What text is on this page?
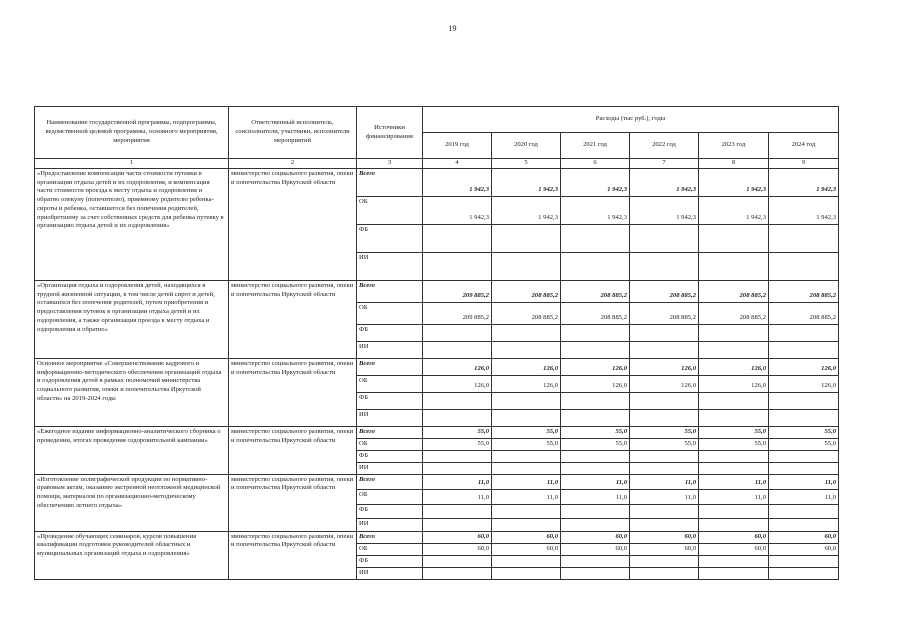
19
Наименование государственной программы, подпрограммы, ведомственной целевой программы, основного мероприятия, мероприятия	Ответственный исполнитель, соисполнители, участники, исполнители мероприятий	Источники финансирования	Расходы (тыс руб.), годы					
			2019 год	2020 год	2021 год	2022 год	2023 год	2024 год
1	2	3	4	5	6	7	8	9
«Предоставление компенсации части стоимости путевки в организации отдыха детей и их оздоровления, и компенсация части стоимости проезда к месту отдыха и оздоровления и обратно опекуну (попечителю), приемному родителю ребенка-сироты и ребенка, оставшегося без попечения родителей, приобретшему за счет собственных средств для ребенка путевку в организацию отдыха детей и их оздоровления»	министерство социального развития, опеки и попечительства Иркутской области	Всего	1 942,3	1 942,3	1 942,3	1 942,3	1 942,3	1 942,3
		ОБ	1 942,3	1 942,3	1 942,3	1 942,3	1 942,3	1 942,3
		ФБ						
		ИИ						
«Организация отдыха и оздоровления детей, находящихся в трудной жизненной ситуации, в том числе детей сирот и детей, оставшихся без попечения родителей, путем приобретения и предоставления путевок в организации отдыха детей и их оздоровления, а также организация проезда к месту отдыха и оздоровления и обратно»	министерство социального развития, опеки и попечительства Иркутской области	Всего	209 885,2	208 885,2	208 885,2	208 885,2	208 885,2	208 885,2
		ОБ	209 885,2	208 885,2	208 885,2	208 885,2	208 885,2	208 885,2
		ФБ						
		ИИ						
Основное мероприятие «Совершенствование кадрового и информационно-методического обеспечения организаций отдыха и оздоровления детей в рамках полномочий министерства социального развития, опеки и попечительства Иркутской области» на 2019-2024 годы	министерство социального развития, опеки и попечительства Иркутской области	Всего	126,0	126,0	126,0	126,0	126,0	126,0
		ОБ	126,0	126,0	126,0	126,0	126,0	126,0
		ФБ						
		ИИ						
«Ежегодное издание информационно-аналитического сборника о проведении, итогах проведения оздоровительной кампании»	министерство социального развития, опеки и попечительства Иркутской области	Всего	55,0	55,0	55,0	55,0	55,0	55,0
		ОБ	55,0	55,0	55,0	55,0	55,0	55,0
		ФБ						
		ИИ						
«Изготовление полиграфической продукции по нормативно-правовым актам, оказанию экстренной неотложной медицинской помощи, материалов по организационно-методическому обеспечению летнего отдыха»	министерство социального развития, опеки и попечительства Иркутской области	Всего	11,0	11,0	11,0	11,0	11,0	11,0
		ОБ	11,0	11,0	11,0	11,0	11,0	11,0
		ФБ						
		ИИ						
«Проведение обучающих семинаров, курсов повышения квалификации подготовки руководителей областных и муниципальных организаций отдыха и оздоровления»	министерство социального развития, опеки и попечительства Иркутской области	Всего	60,0	60,0	60,0	60,0	60,0	60,0
		ОБ	60,0	60,0	60,0	60,0	60,0	60,0
		ФБ						
		ИИ						
